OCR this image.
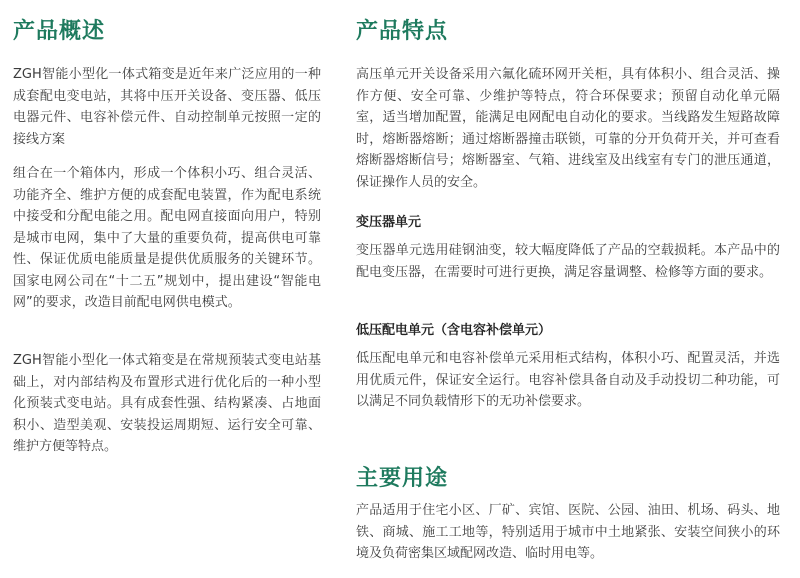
产品概述

ZGH智能小型化一体式箱变是近年来广泛应用的一种成套配电变电站，其将中压开关设备、变压器、低压电器元件、电容补偿元件、自动控制单元按照一定的接线方案

组合在一个箱体内，形成一个体积小巧、组合灵活、功能齐全、维护方便的成套配电装置，作为配电系统中接受和分配电能之用。配电网直接面向用户，特别是城市电网，集中了大量的重要负荷，提高供电可靠性、保证优质电能质量是提供优质服务的关键环节。国家电网公司在“十二五”规划中，提出建设“智能电网”的要求，改造目前配电网供电模式。

ZGH智能小型化一体式箱变是在常规预装式变电站基础上，对内部结构及布置形式进行优化后的一种小型化预装式变电站。具有成套性强、结构紧凑、占地面积小、造型美观、安装投运周期短、运行安全可靠、维护方便等特点。

产品特点

高压单元开关设备采用六氟化硫环网开关柜，具有体积小、组合灵活、操作方便、安全可靠、少维护等特点，符合环保要求；预留自动化单元隔室，适当增加配置，能满足电网配电自动化的要求。当线路发生短路故障时，熔断器熔断；通过熔断器撞击联锁，可靠的分开负荷开关，并可查看熔断器熔断信号；熔断器室、气箱、进线室及出线室有专门的泄压通道，保证操作人员的安全。

变压器单元

变压器单元选用硅钢油变，较大幅度降低了产品的空载损耗。本产品中的配电变压器，在需要时可进行更换，满足容量调整、检修等方面的要求。

低压配电单元（含电容补偿单元）

低压配电单元和电容补偿单元采用柜式结构，体积小巧、配置灵活，并选用优质元件，保证安全运行。电容补偿具备自动及手动投切二种功能，可以满足不同负载情形下的无功补偿要求。

主要用途

产品适用于住宅小区、厂矿、宾馆、医院、公园、油田、机场、码头、地铁、商城、施工工地等，特别适用于城市中土地紧张、安装空间狭小的环境及负荷密集区域配网改造、临时用电等。
